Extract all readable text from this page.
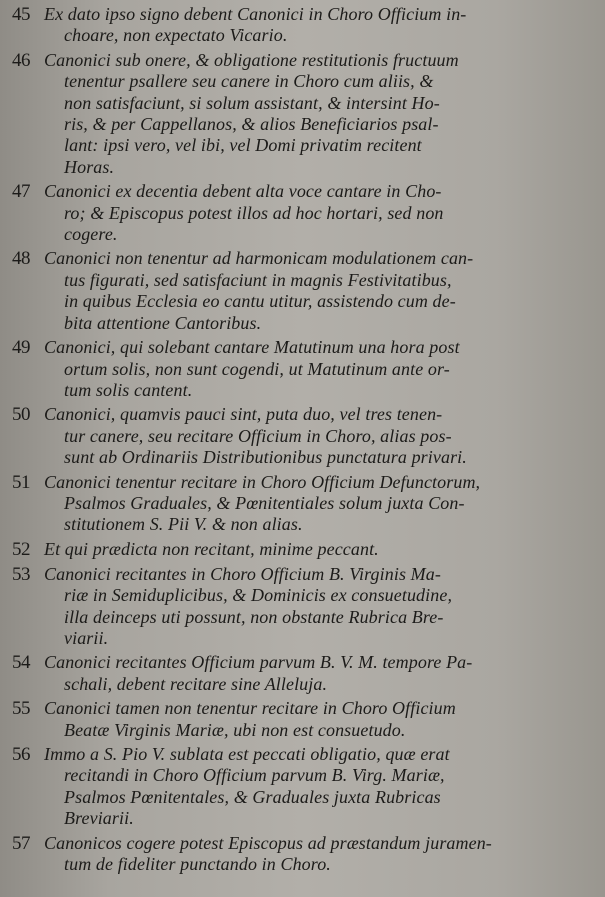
45 Ex dato ipso signo debent Canonici in Choro Officium in-
choare, non expectato Vicario.
46 Canonici sub onere, & obligatione restitutionis fructuum
tenentur psallere seu canere in Choro cum aliis, &
non satisfaciunt, si solum assistant, & intersint Ho-
ris, & per Cappellanos, & alios Beneficiarios psal-
lant: ipsi vero, vel ibi, vel Domi privatim recitent
Horas.
47 Canonici ex decentia debent alta voce cantare in Cho-
ro; & Episcopus potest illos ad hoc hortari, sed non
cogere.
48 Canonici non tenentur ad harmonicam modulationem can-
tus figurati, sed satisfaciunt in magnis Festivitatibus,
in quibus Ecclesia eo cantu utitur, assistendo cum de-
bita attentione Cantoribus.
49 Canonici, qui solebant cantare Matutinum una hora post
ortum solis, non sunt cogendi, ut Matutinum ante or-
tum solis cantent.
50 Canonici, quamvis pauci sint, puta duo, vel tres tenen-
tur canere, seu recitare Officium in Choro, alias pos-
sunt ab Ordinariis Distributionibus punctatura privari.
51 Canonici tenentur recitare in Choro Officium Defunctorum,
Psalmos Graduales, & Pœnitentiales solum juxta Con-
stitutionem S. Pii V. & non alias.
52 Et qui prædicta non recitant, minime peccant.
53 Canonici recitantes in Choro Officium B. Virginis Ma-
riæ in Semiduplicibus, & Dominicis ex consuetudine,
illa deinceps uti possunt, non obstante Rubrica Bre-
viarii.
54 Canonici recitantes Officium parvum B. V. M. tempore Pa-
schali, debent recitare sine Alleluja.
55 Canonici tamen non tenentur recitare in Choro Officium
Beatæ Virginis Mariæ, ubi non est consuetudo.
56 Immo a S. Pio V. sublata est peccati obligatio, quæ erat
recitandi in Choro Officium parvum B. Virg. Mariæ,
Psalmos Pœnitentales, & Graduales juxta Rubricas
Breviarii.
57 Canonicos cogere potest Episcopus ad præstandum juramen-
tum de fideliter punctando in Choro.
